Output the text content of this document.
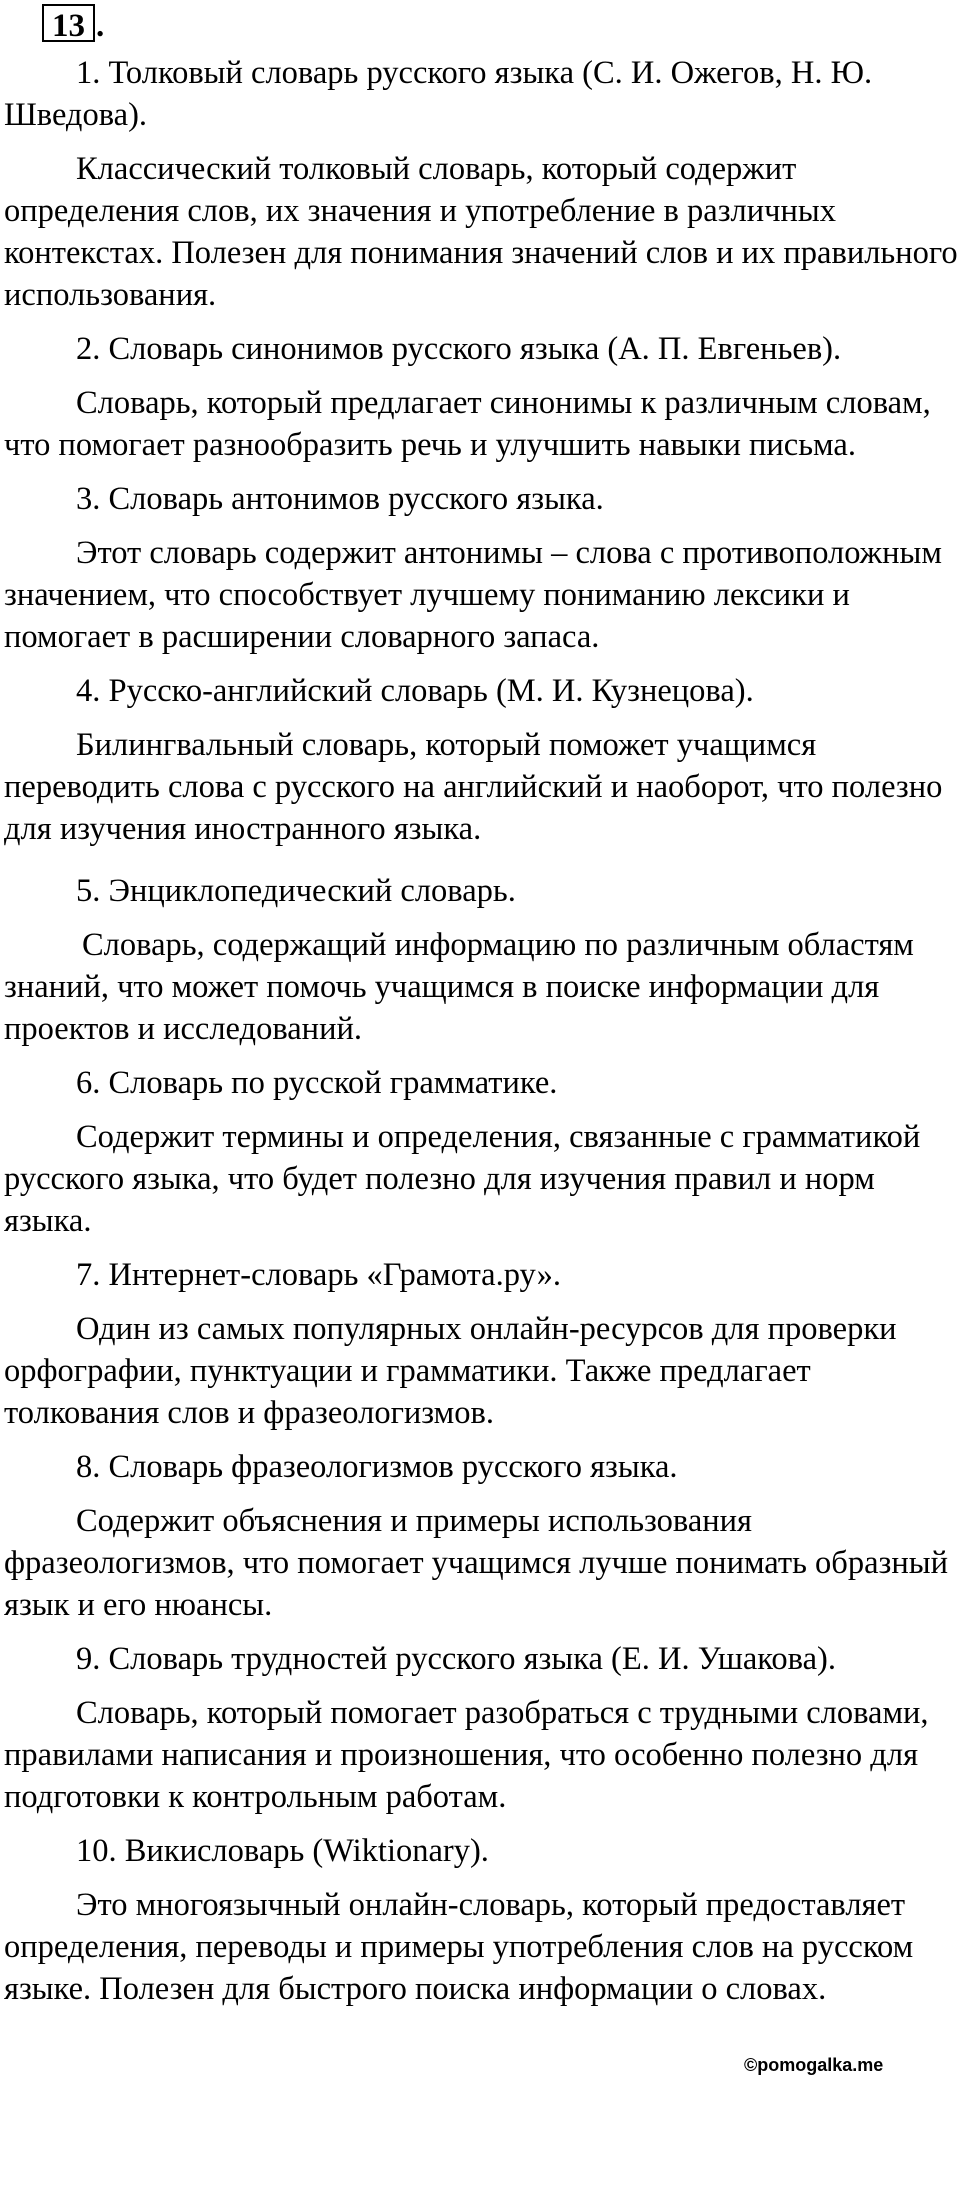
13 .

1. Толковый словарь русского языка (С. И. Ожегов, Н. Ю. Шведова).

Классический толковый словарь, который содержит определения слов, их значения и употребление в различных контекстах. Полезен для понимания значений слов и их правильного использования.

2. Словарь синонимов русского языка (А. П. Евгеньев).

Словарь, который предлагает синонимы к различным словам, что помогает разнообразить речь и улучшить навыки письма.

3. Словарь антонимов русского языка.

Этот словарь содержит антонимы – слова с противоположным значением, что способствует лучшему пониманию лексики и помогает в расширении словарного запаса.

4. Русско-английский словарь (М. И. Кузнецова).

Билингвальный словарь, который поможет учащимся переводить слова с русского на английский и наоборот, что полезно для изучения иностранного языка.

5. Энциклопедический словарь.

Словарь, содержащий информацию по различным областям знаний, что может помочь учащимся в поиске информации для проектов и исследований.

6. Словарь по русской грамматике.

Содержит термины и определения, связанные с грамматикой русского языка, что будет полезно для изучения правил и норм языка.

7. Интернет-словарь «Грамота.ру».

Один из самых популярных онлайн-ресурсов для проверки орфографии, пунктуации и грамматики. Также предлагает толкования слов и фразеологизмов.

8. Словарь фразеологизмов русского языка.

Содержит объяснения и примеры использования фразеологизмов, что помогает учащимся лучше понимать образный язык и его нюансы.

9. Словарь трудностей русского языка (Е. И. Ушакова).

Словарь, который помогает разобраться с трудными словами, правилами написания и произношения, что особенно полезно для подготовки к контрольным работам.

10. Викисловарь (Wiktionary).

Это многоязычный онлайн-словарь, который предоставляет определения, переводы и примеры употребления слов на русском языке. Полезен для быстрого поиска информации о словах.

©pomogalka.me
